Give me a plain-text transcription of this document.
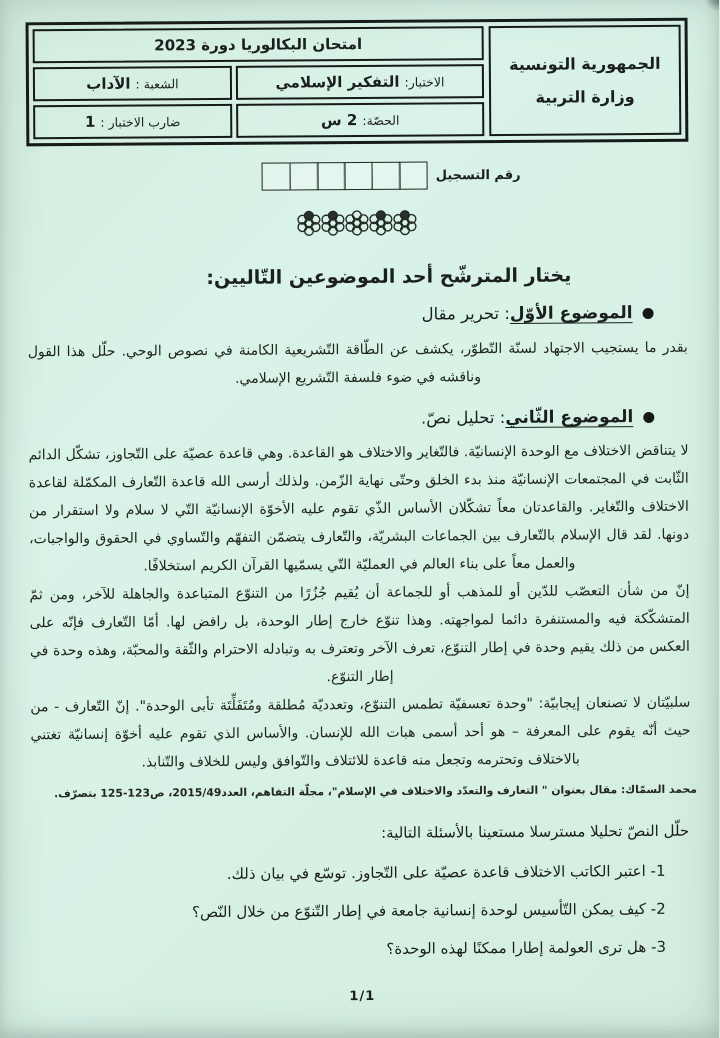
الجمهورية التونسية
وزارة التربية
امتحان البكالوريا دورة 2023
الاختبار:
التفكير الإسلامي
الشعبة :
الآداب
الحصّة:
2 س
ضارب الاختبار :
1
رقم التسجيل
يختار المترشّح أحد الموضوعين التّاليين:
الموضوع الأوّل: تحرير مقال

بقدر ما يستجيب الاجتهاد لسنّة التّطوّر، يكشف عن الطّاقة التّشريعية الكامنة في نصوص الوحي. حلّل هذا القول وناقشه في ضوء فلسفة التّشريع الإسلامي.

الموضوع الثّاني: تحليل نصّ.

لا يتناقض الاختلاف مع الوحدة الإنسانيّة. فالتّغاير والاختلاف هو القاعدة. وهي قاعدة عصيّة على التّجاوز، تشكّل الدائم الثّابت في المجتمعات الإنسانيّة منذ بدء الخلق وحتّى نهاية الزّمن. ولذلك أرسى الله قاعدة التّعارف المكمّلة لقاعدة الاختلاف والتّغاير. والقاعدتان معاً تشكّلان الأساس الذّي تقوم عليه الأخوّة الإنسانيّة التّي لا سلام ولا استقرار من دونها. لقد قال الإسلام بالتّعارف بين الجماعات البشريّة، والتّعارف يتضمّن التفهّم والتّساوي في الحقوق والواجبات، والعمل معاً على بناء العالم في العمليّة التّي يسمّيها القرآن الكريم استخلافًا.

إنّ من شأن التعصّب للدّين أو للمذهب أو للجماعة أن يُقيم جُزُرًا من التنوّع المتباعدة والجاهلة للآخر، ومن ثمّ المتشكّكة فيه والمستنفرة دائما لمواجهته. وهذا تنوّع خارج إطار الوحدة، بل رافض لها. أمّا التّعارف فإنّه على العكس من ذلك يقيم وحدة في إطار التنوّع، تعرف الآخر وتعترف به وتبادله الاحترام والثّقة والمحبّة، وهذه وحدة في إطار التنوّع.

سلبيّتان لا تصنعان إيجابيّة: "وحدة تعسفيّة تطمس التنوّع، وتعدديّة مُطلقة ومُتَفَلِّتَة تأبى الوحدة". إنّ التّعارف - من حيث أنّه يقوم على المعرفة – هو أحد أسمى هبات الله للإنسان. والأساس الذي تقوم عليه أخوّة إنسانيّة تغتني بالاختلاف وتحترمه وتجعل منه قاعدة للائتلاف والتّوافق وليس للخلاف والتّنابذ.

محمد السمّاك: مقال بعنوان " التعارف والتعدّد والاختلاف في الإسلام"، مجلّة التفاهم، العدد2015/49، ص123-125 بتصرّف.
حلّل النصّ تحليلا مسترسلا مستعينا بالأسئلة التالية:
1- اعتبر الكاتب الاختلاف قاعدة عصيّة على التّجاوز. توسّع في بيان ذلك.
2- كيف يمكن التّأسيس لوحدة إنسانية جامعة في إطار التّنوّع من خلال النّص؟
3- هل ترى العولمة إطارا ممكنًا لهذه الوحدة؟
1/1
